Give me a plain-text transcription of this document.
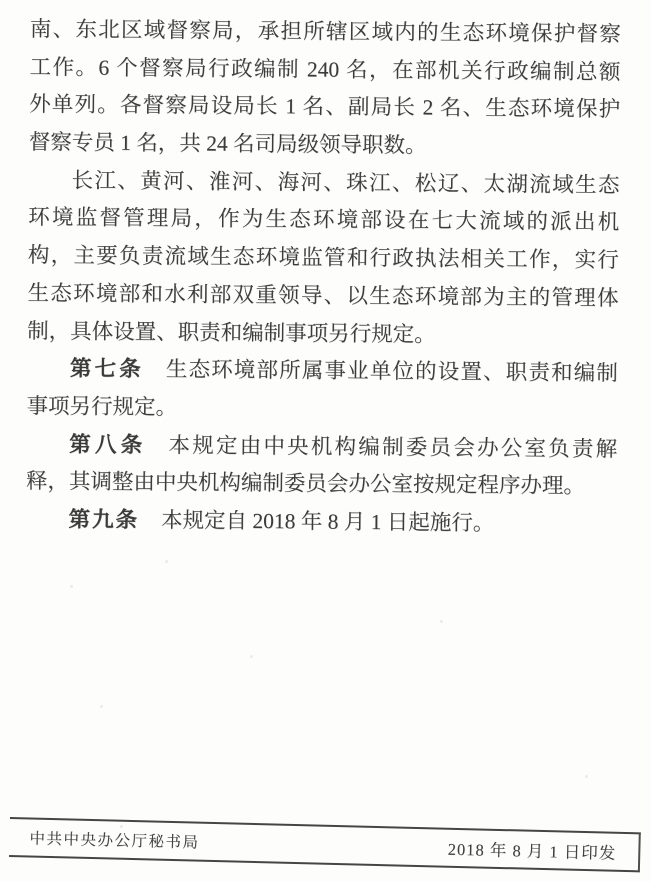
南、东北区域督察局，承担所辖区域内的生态环境保护督察
工作。6 个督察局行政编制 240 名，在部机关行政编制总额
外单列。各督察局设局长 1 名、副局长 2 名、生态环境保护
督察专员 1 名，共 24 名司局级领导职数。
长江、黄河、淮河、海河、珠江、松辽、太湖流域生态
环境监督管理局，作为生态环境部设在七大流域的派出机
构，主要负责流域生态环境监管和行政执法相关工作，实行
生态环境部和水利部双重领导、以生态环境部为主的管理体
制，具体设置、职责和编制事项另行规定。
第七条 生态环境部所属事业单位的设置、职责和编制
事项另行规定。
第八条 本规定由中央机构编制委员会办公室负责解
释，其调整由中央机构编制委员会办公室按规定程序办理。
第九条 本规定自 2018 年 8 月 1 日起施行。
中共中央办公厅秘书局	2018 年 8 月 1 日印发
